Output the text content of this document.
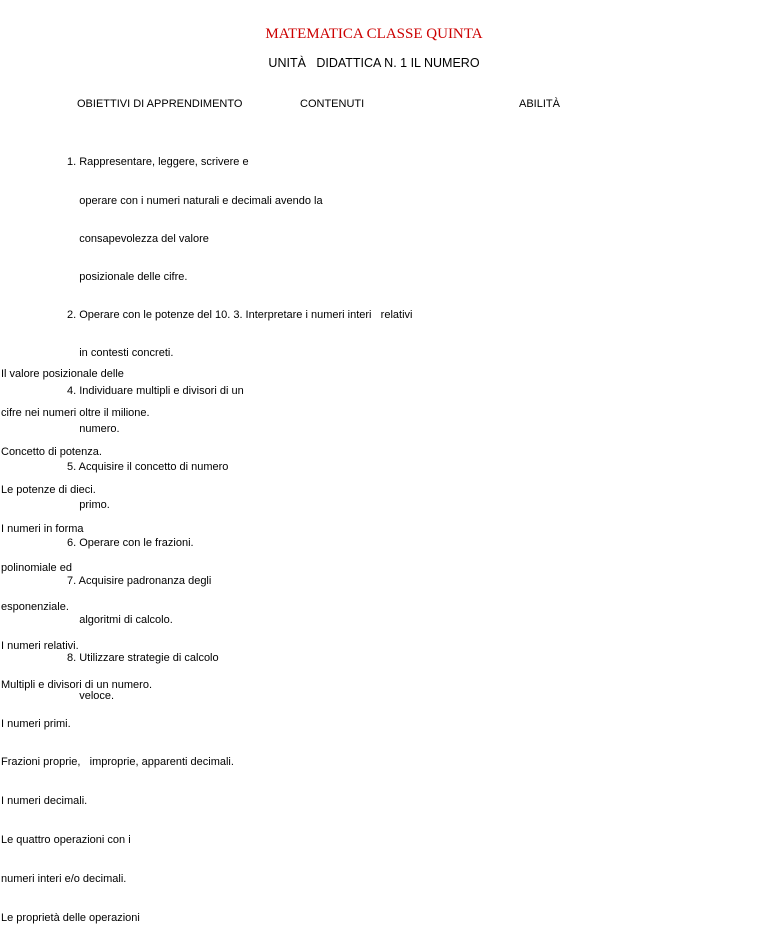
MATEMATICA CLASSE QUINTA
UNITÀ   DIDATTICA N. 1 IL NUMERO
OBIETTIVI DI APPRENDIMENTO	CONTENUTI	ABILITÀ

1. Rappresentare, leggere, scrivere e

operare con i numeri naturali e decimali avendo la

consapevolezza del valore

posizionale delle cifre.

2. Operare con le potenze del 10. 3. Interpretare i numeri interi   relativi

in contesti concreti.

4. Individuare multipli e divisori di un

numero.

5. Acquisire il concetto di numero

primo.

6. Operare con le frazioni.

7. Acquisire padronanza degli

algoritmi di calcolo.

8. Utilizzare strategie di calcolo

veloce.

Il valore posizionale delle

cifre nei numeri oltre il milione.

Concetto di potenza.

Le potenze di dieci.

I numeri in forma

polinomiale ed

esponenziale.

I numeri relativi.

Multipli e divisori di un numero.

I numeri primi.

Frazioni proprie,   improprie, apparenti decimali.

I numeri decimali.

Le quattro operazioni con i

numeri interi e/o decimali.

Le proprietà delle operazioni
